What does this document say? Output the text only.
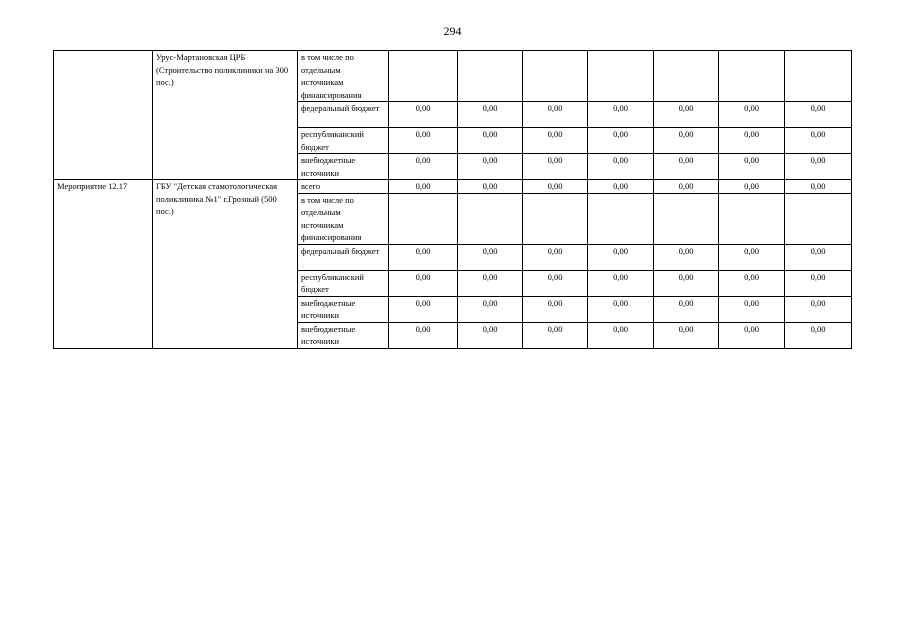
294
	Урус-Мартановская ЦРБ (Строительство поликлиники на 300 пос.)	в том числе по отдельным источникам финансирования							
		федеральный бюджет	0,00	0,00	0,00	0,00	0,00	0,00	0,00
		республиканский бюджет	0,00	0,00	0,00	0,00	0,00	0,00	0,00
		внебюджетные источники	0,00	0,00	0,00	0,00	0,00	0,00	0,00
Мероприятие 12.17	ГБУ "Детская стамотологическая поликлиника №1" г.Грозный (500 пос.)	всего	0,00	0,00	0,00	0,00	0,00	0,00	0,00
		в том числе по отдельным источникам финансирования							
		федеральный бюджет	0,00	0,00	0,00	0,00	0,00	0,00	0,00
		республиканский бюджет	0,00	0,00	0,00	0,00	0,00	0,00	0,00
		внебюджетные источники	0,00	0,00	0,00	0,00	0,00	0,00	0,00
		внебюджетные источники	0,00	0,00	0,00	0,00	0,00	0,00	0,00
